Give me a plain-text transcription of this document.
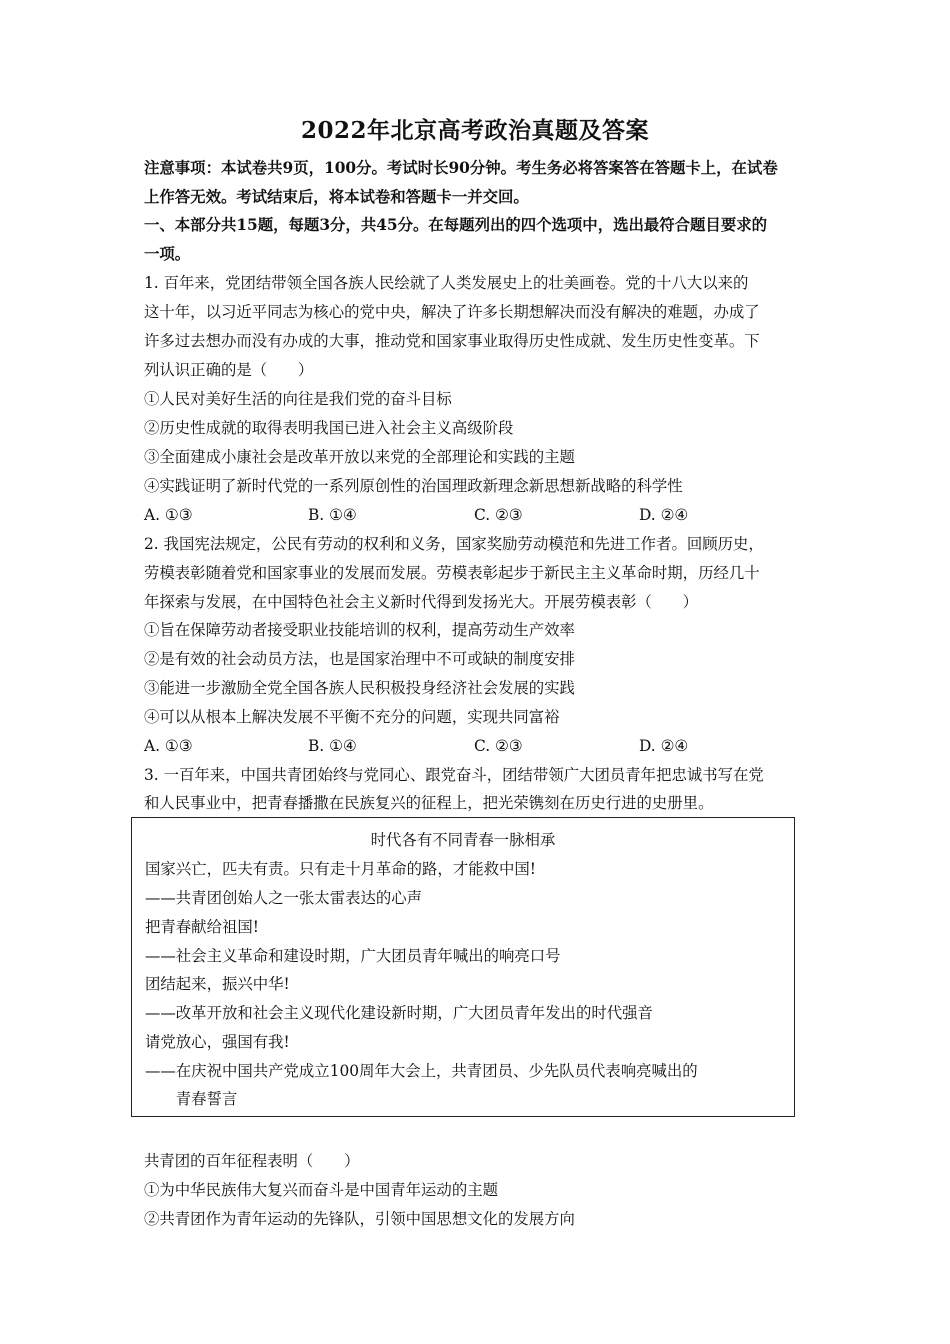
2022年北京高考政治真题及答案
注意事项：本试卷共9页，100分。考试时长90分钟。考生务必将答案答在答题卡上，在试卷
上作答无效。考试结束后，将本试卷和答题卡一并交回。
一、本部分共15题，每题3分，共45分。在每题列出的四个选项中，选出最符合题目要求的
一项。
1. 百年来，党团结带领全国各族人民绘就了人类发展史上的壮美画卷。党的十八大以来的
这十年，以习近平同志为核心的党中央，解决了许多长期想解决而没有解决的难题，办成了
许多过去想办而没有办成的大事，推动党和国家事业取得历史性成就、发生历史性变革。下
列认识正确的是（　　）
①人民对美好生活的向往是我们党的奋斗目标
②历史性成就的取得表明我国已进入社会主义高级阶段
③全面建成小康社会是改革开放以来党的全部理论和实践的主题
④实践证明了新时代党的一系列原创性的治国理政新理念新思想新战略的科学性
A. ①③	B. ①④	C. ②③	D. ②④
2. 我国宪法规定，公民有劳动的权利和义务，国家奖励劳动模范和先进工作者。回顾历史，
劳模表彰随着党和国家事业的发展而发展。劳模表彰起步于新民主主义革命时期，历经几十
年探索与发展，在中国特色社会主义新时代得到发扬光大。开展劳模表彰（　　）
①旨在保障劳动者接受职业技能培训的权利，提高劳动生产效率
②是有效的社会动员方法，也是国家治理中不可或缺的制度安排
③能进一步激励全党全国各族人民积极投身经济社会发展的实践
④可以从根本上解决发展不平衡不充分的问题，实现共同富裕
A. ①③	B. ①④	C. ②③	D. ②④
3. 一百年来，中国共青团始终与党同心、跟党奋斗，团结带领广大团员青年把忠诚书写在党
和人民事业中，把青春播撒在民族复兴的征程上，把光荣镌刻在历史行进的史册里。
时代各有不同青春一脉相承
国家兴亡，匹夫有责。只有走十月革命的路，才能救中国!
——共青团创始人之一张太雷表达的心声
把青春献给祖国!
——社会主义革命和建设时期，广大团员青年喊出的响亮口号
团结起来，振兴中华!
——改革开放和社会主义现代化建设新时期，广大团员青年发出的时代强音
请党放心，强国有我!
——在庆祝中国共产党成立100周年大会上，共青团员、少先队员代表响亮喊出的
　　青春誓言
共青团的百年征程表明（　　）
①为中华民族伟大复兴而奋斗是中国青年运动的主题
②共青团作为青年运动的先锋队，引领中国思想文化的发展方向
